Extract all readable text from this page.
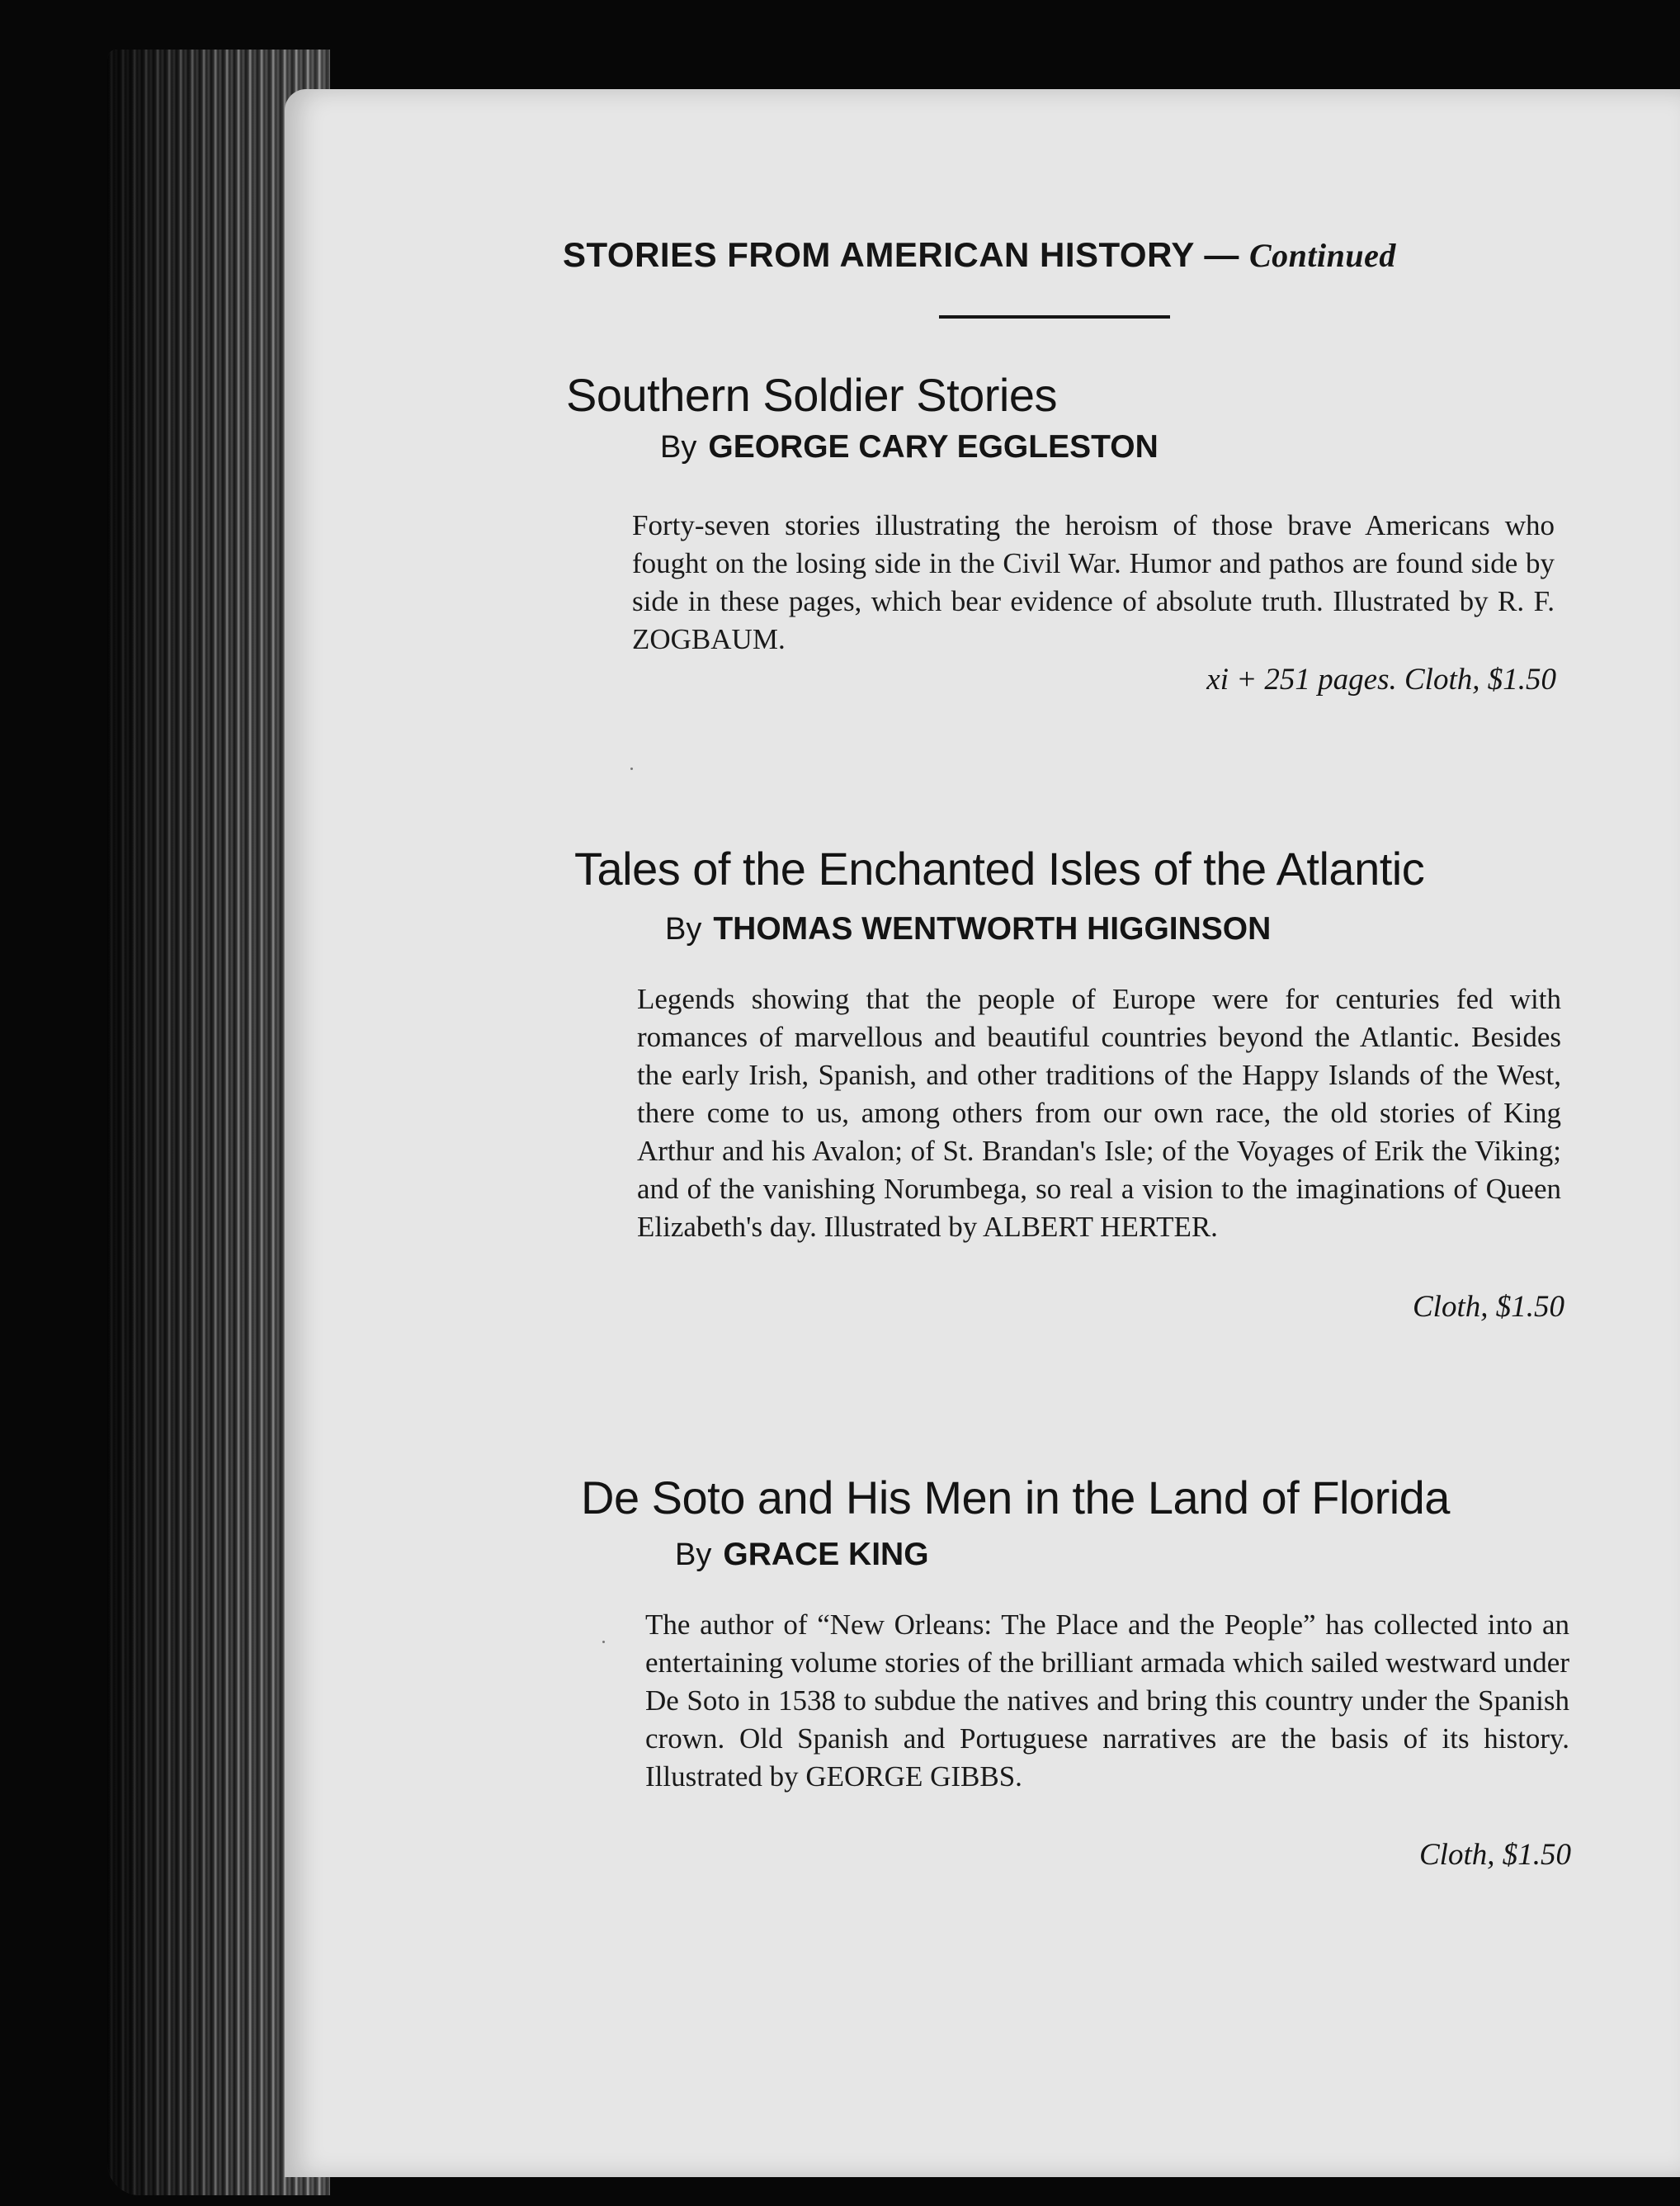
STORIES FROM AMERICAN HISTORY — Continued
Southern Soldier Stories
By GEORGE CARY EGGLESTON
Forty-seven stories illustrating the heroism of those brave Americans who fought on the losing side in the Civil War. Humor and pathos are found side by side in these pages, which bear evidence of absolute truth. Illustrated by R. F. ZOGBAUM.
xi + 251 pages. Cloth, $1.50
Tales of the Enchanted Isles of the Atlantic
By THOMAS WENTWORTH HIGGINSON
Legends showing that the people of Europe were for centuries fed with romances of marvellous and beautiful countries beyond the Atlantic. Besides the early Irish, Spanish, and other traditions of the Happy Islands of the West, there come to us, among others from our own race, the old stories of King Arthur and his Avalon; of St. Brandan's Isle; of the Voyages of Erik the Viking; and of the vanishing Norumbega, so real a vision to the imaginations of Queen Elizabeth's day. Illustrated by ALBERT HERTER.
Cloth, $1.50
De Soto and His Men in the Land of Florida
By GRACE KING
The author of “New Orleans: The Place and the People” has collected into an entertaining volume stories of the brilliant armada which sailed westward under De Soto in 1538 to subdue the natives and bring this country under the Spanish crown. Old Spanish and Portuguese narratives are the basis of its history. Illustrated by GEORGE GIBBS.
Cloth, $1.50
